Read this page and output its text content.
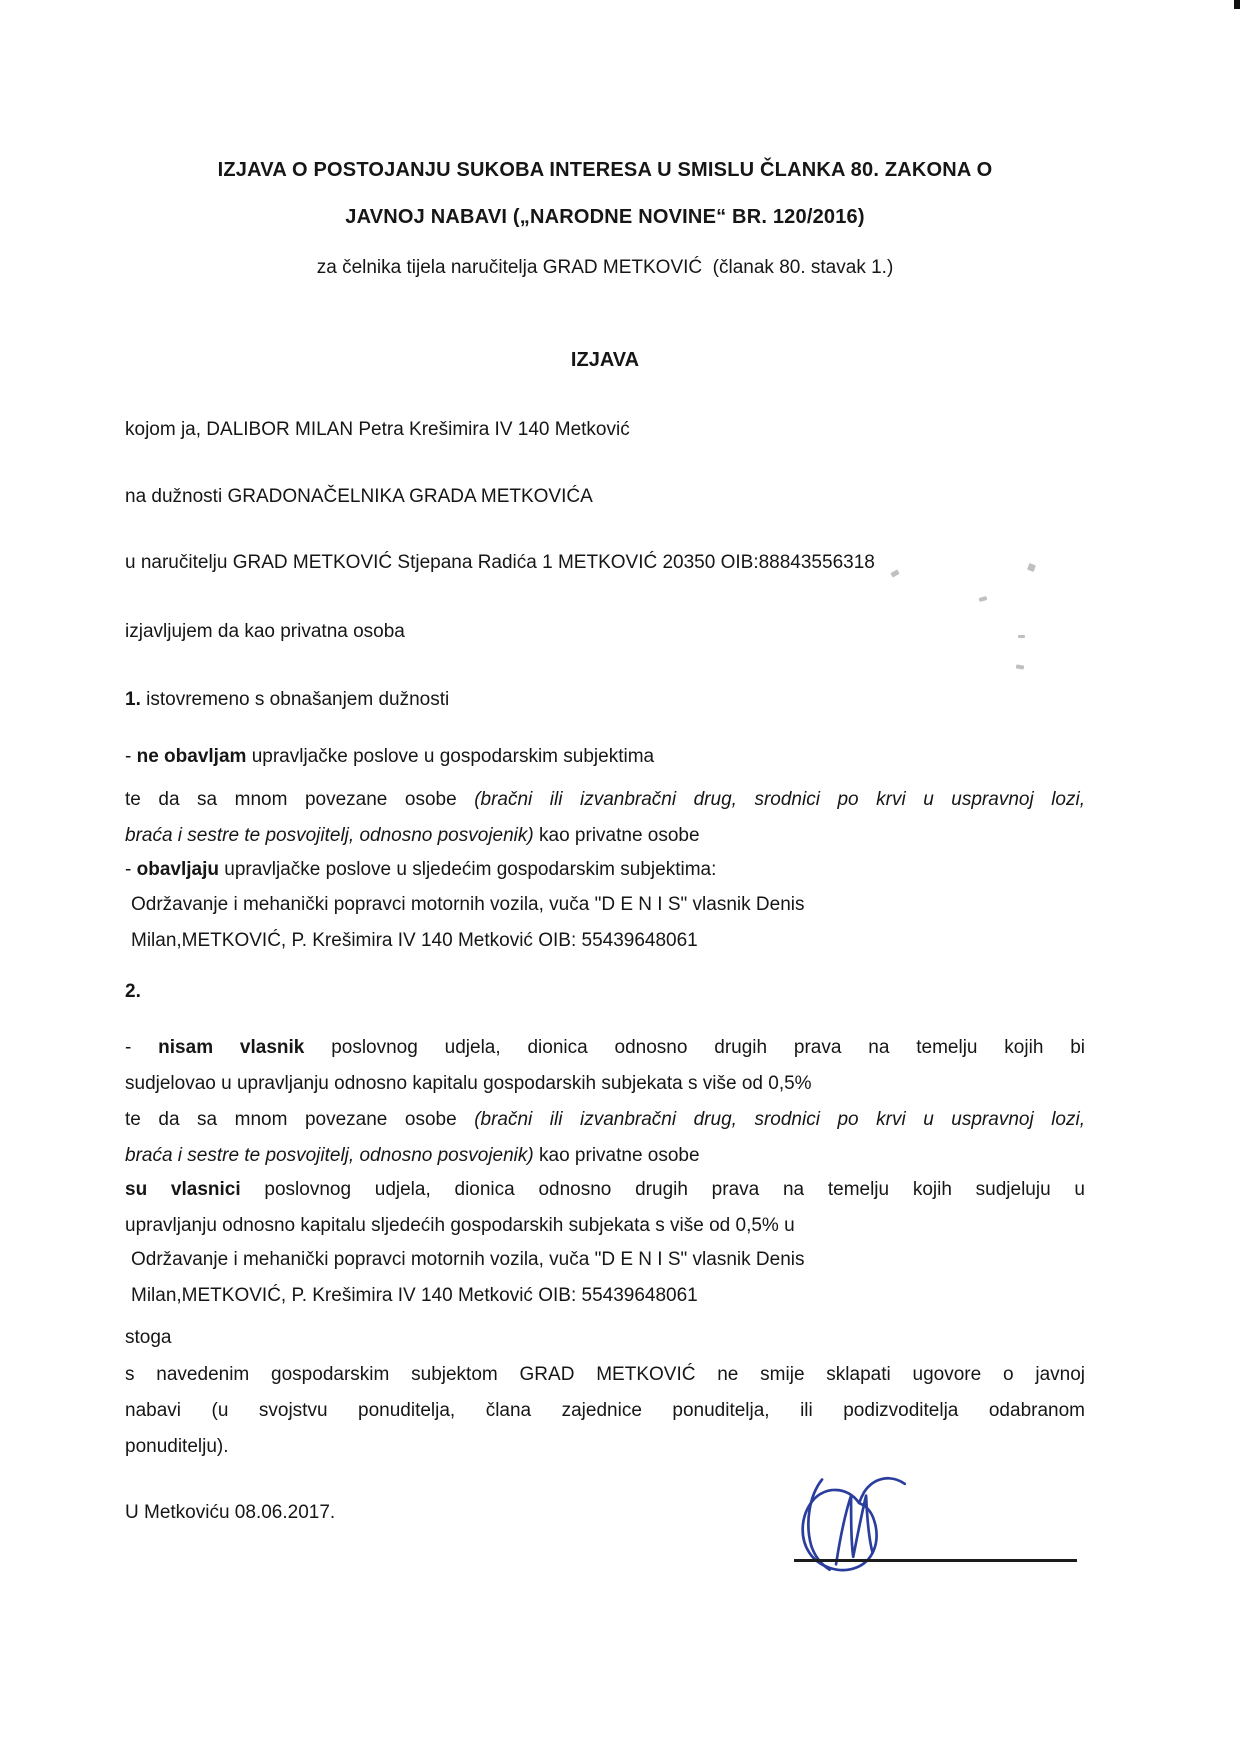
IZJAVA O POSTOJANJU SUKOBA INTERESA U SMISLU ČLANKA 80. ZAKONA O
JAVNOJ NABAVI („NARODNE NOVINE“ BR. 120/2016)

za čelnika tijela naručitelja GRAD METKOVIĆ  (članak 80. stavak 1.)

IZJAVA

kojom ja, DALIBOR MILAN Petra Krešimira IV 140 Metković

na dužnosti GRADONAČELNIKA GRADA METKOVIĆA

u naručitelju GRAD METKOVIĆ Stjepana Radića 1 METKOVIĆ 20350 OIB:88843556318

izjavljujem da kao privatna osoba

1. istovremeno s obnašanjem dužnosti

- ne obavljam upravljačke poslove u gospodarskim subjektima

te da sa mnom povezane osobe (bračni ili izvanbračni drug, srodnici po krvi u uspravnoj lozi,
braća i sestre te posvojitelj, odnosno posvojenik) kao privatne osobe

- obavljaju upravljačke poslove u sljedećim gospodarskim subjektima:

Održavanje i mehanički popravci motornih vozila, vuča "D E N I S" vlasnik Denis
Milan,METKOVIĆ, P. Krešimira IV 140 Metković OIB: 55439648061

2.

- nisam vlasnik poslovnog udjela, dionica odnosno drugih prava na temelju kojih bi
sudjelovao u upravljanju odnosno kapitalu gospodarskih subjekata s više od 0,5%
te da sa mnom povezane osobe (bračni ili izvanbračni drug, srodnici po krvi u uspravnoj lozi,
braća i sestre te posvojitelj, odnosno posvojenik) kao privatne osobe
su vlasnici poslovnog udjela, dionica odnosno drugih prava na temelju kojih sudjeluju u
upravljanju odnosno kapitalu sljedećih gospodarskih subjekata s više od 0,5% u
Održavanje i mehanički popravci motornih vozila, vuča "D E N I S" vlasnik Denis
Milan,METKOVIĆ, P. Krešimira IV 140 Metković OIB: 55439648061

stoga

s navedenim gospodarskim subjektom GRAD METKOVIĆ ne smije sklapati ugovore o javnoj
nabavi (u svojstvu ponuditelja, člana zajednice ponuditelja, ili podizvoditelja odabranom
ponuditelju).

U Metkoviću 08.06.2017.
